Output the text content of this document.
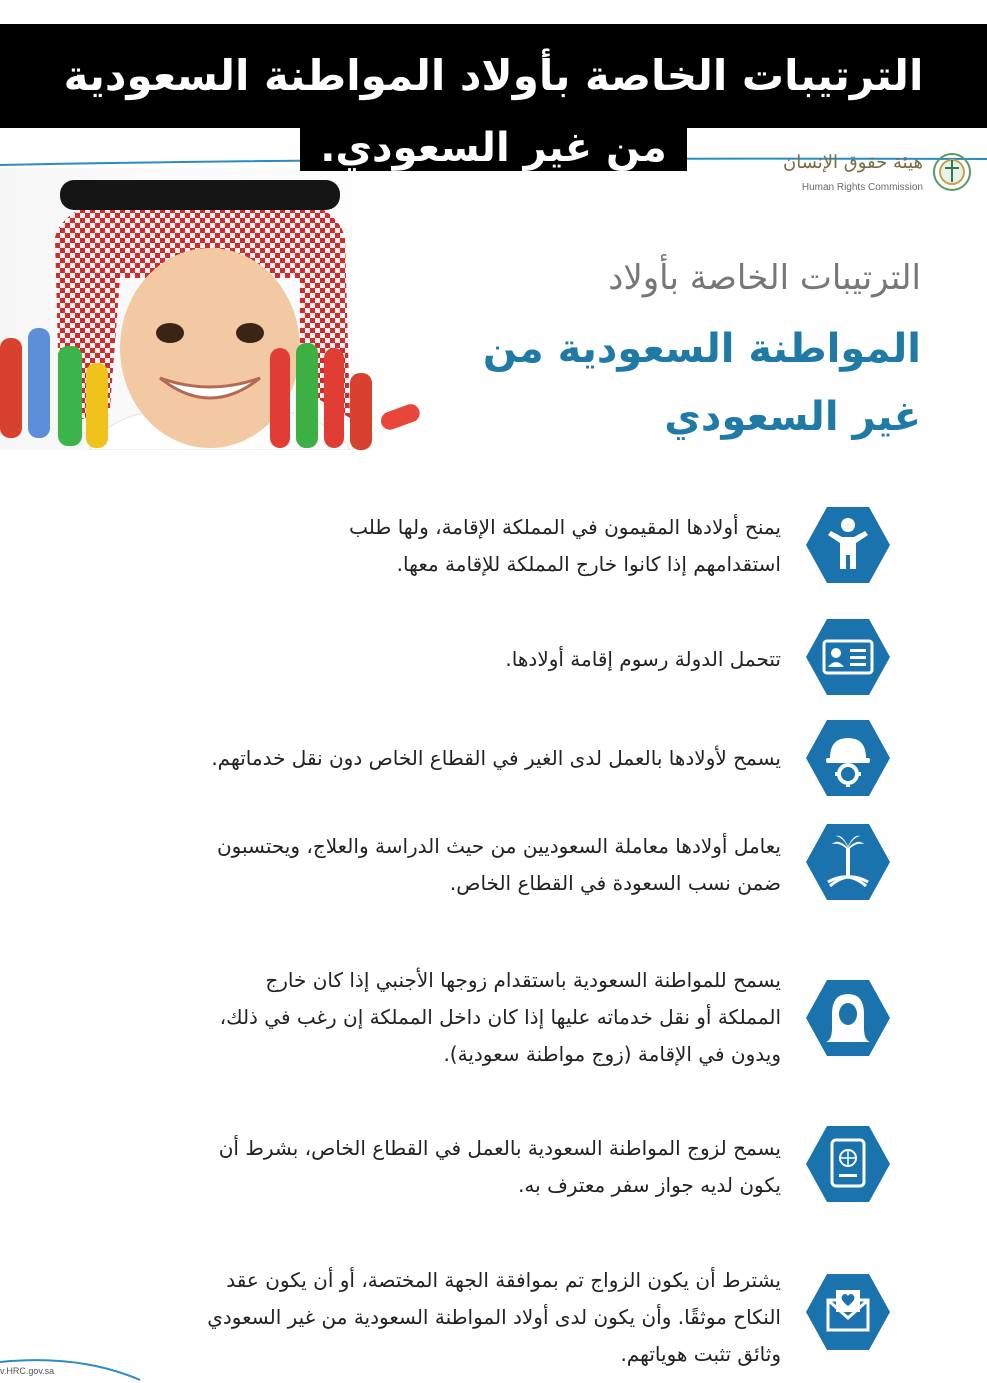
هيئة حقوق الإنسان
Human Rights Commission
الترتيبات الخاصة بأولاد
المواطنة السعودية من
غير السعودي
يمنح أولادها المقيمون في المملكة الإقامة، ولها طلب
استقدامهم إذا كانوا خارج المملكة للإقامة معها.
تتحمل الدولة رسوم إقامة أولادها.
يسمح لأولادها بالعمل لدى الغير في القطاع الخاص دون نقل خدماتهم.
يعامل أولادها معاملة السعوديين من حيث الدراسة والعلاج، ويحتسبون
ضمن نسب السعودة في القطاع الخاص.
يسمح للمواطنة السعودية باستقدام زوجها الأجنبي إذا كان خارج
المملكة أو نقل خدماته عليها إذا كان داخل المملكة إن رغب في ذلك،
ويدون في الإقامة (زوج مواطنة سعودية).
يسمح لزوج المواطنة السعودية بالعمل في القطاع الخاص، بشرط أن
يكون لديه جواز سفر معترف به.
يشترط أن يكون الزواج تم بموافقة الجهة المختصة، أو أن يكون عقد
النكاح موثقًا. وأن يكون لدى أولاد المواطنة السعودية من غير السعودي
وثائق تثبت هوياتهم.
v.HRC.gov.sa
الترتيبات الخاصة بأولاد المواطنة السعودية
من غير السعودي.
